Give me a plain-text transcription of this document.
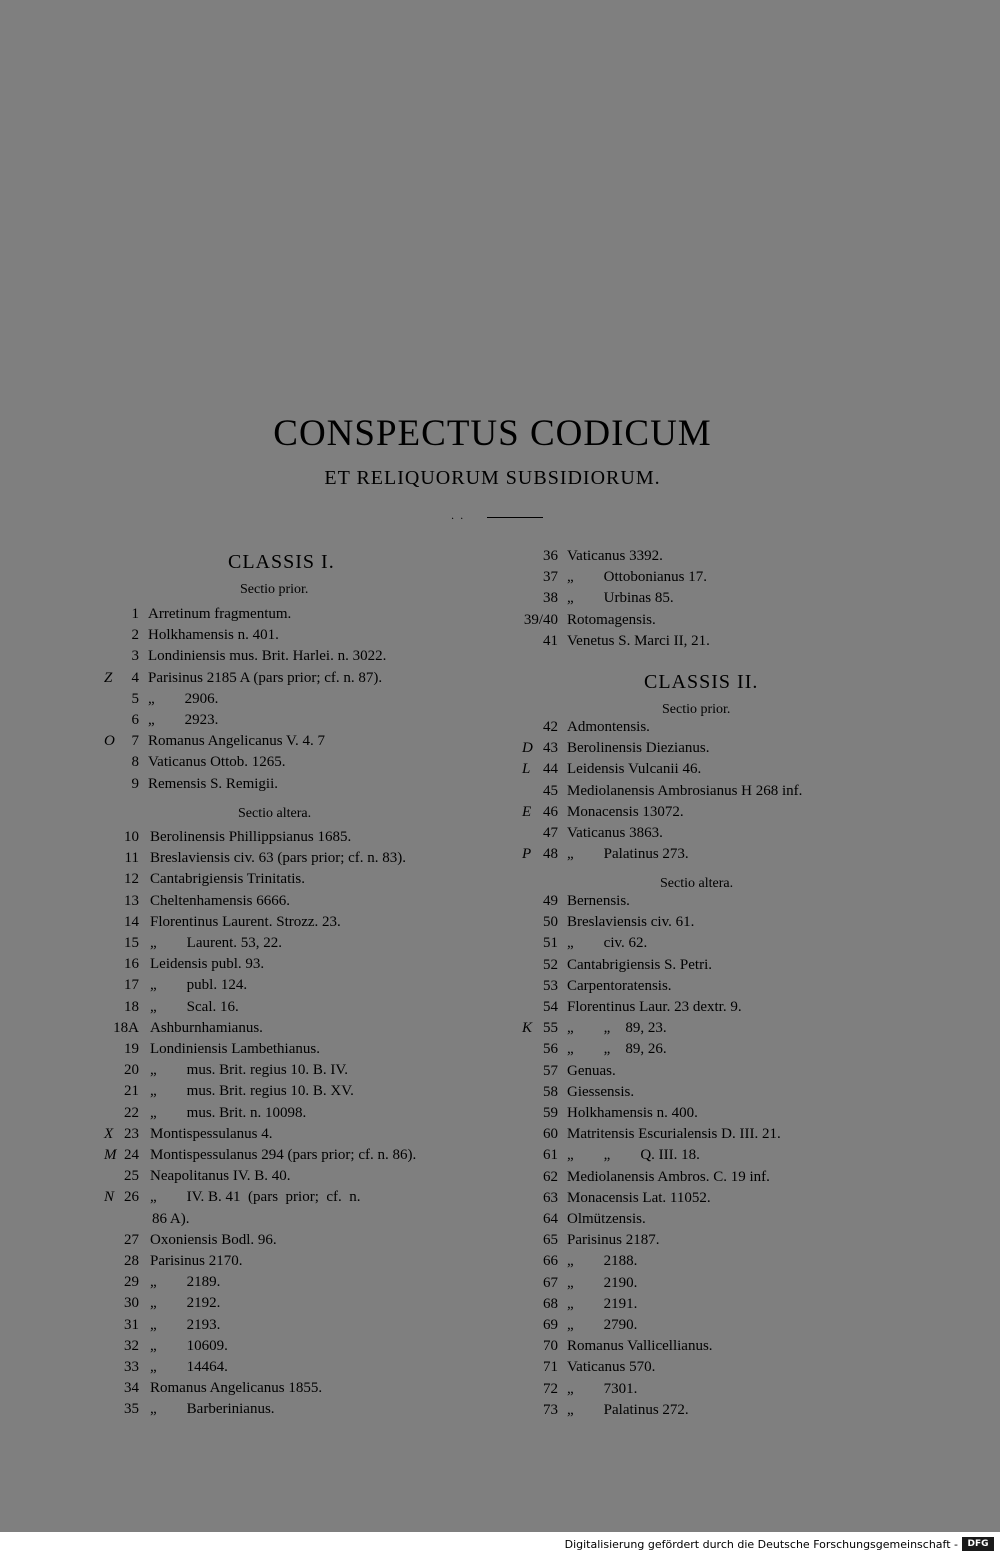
CONSPECTUS CODICUM
ET RELIQUORUM SUBSIDIORUM.
..
CLASSIS I.
Sectio prior.
1 Arretinum fragmentum.
2 Holkhamensis n. 401.
3 Londiniensis mus. Brit. Harlei. n. 3022.
Z	4 Parisinus 2185 A (pars prior; cf. n. 87).
5 „        2906.
6 „        2923.
O	7 Romanus Angelicanus V. 4. 7
8 Vaticanus Ottob. 1265.
9 Remensis S. Remigii.
Sectio altera.
10 Berolinensis Phillippsianus 1685.
11 Breslaviensis civ. 63 (pars prior; cf. n. 83).
12 Cantabrigiensis Trinitatis.
13 Cheltenhamensis 6666.
14 Florentinus Laurent. Strozz. 23.
15 „        Laurent. 53, 22.
16 Leidensis publ. 93.
17 „        publ. 124.
18 „        Scal. 16.
18A Ashburnhamianus.
19 Londiniensis Lambethianus.
20 „        mus. Brit. regius 10. B. IV.
21 „        mus. Brit. regius 10. B. XV.
22 „        mus. Brit. n. 10098.
X 23 Montispessulanus 4.
M 24 Montispessulanus 294 (pars prior; cf. n. 86).
25 Neapolitanus IV. B. 40.
N 26 „        IV. B. 41  (pars  prior;  cf.  n.
86 A).
27 Oxoniensis Bodl. 96.
28 Parisinus 2170.
29 „        2189.
30 „        2192.
31 „        2193.
32 „        10609.
33 „        14464.
34 Romanus Angelicanus 1855.
35 „        Barberinianus.
36 Vaticanus 3392.
37 „        Ottobonianus 17.
38 „        Urbinas 85.
39/40 Rotomagensis.
41 Venetus S. Marci II, 21.
CLASSIS II.
Sectio prior.
42 Admontensis.
D 43 Berolinensis Diezianus.
L 44 Leidensis Vulcanii 46.
45 Mediolanensis Ambrosianus H 268 inf.
E 46 Monacensis 13072.
47 Vaticanus 3863.
P 48 „        Palatinus 273.
Sectio altera.
49 Bernensis.
50 Breslaviensis civ. 61.
51 „        civ. 62.
52 Cantabrigiensis S. Petri.
53 Carpentoratensis.
54 Florentinus Laur. 23 dextr. 9.
K 55 „        „    89, 23.
56 „        „    89, 26.
57 Genuas.
58 Giessensis.
59 Holkhamensis n. 400.
60 Matritensis Escurialensis D. III. 21.
61 „        „        Q. III. 18.
62 Mediolanensis Ambros. C. 19 inf.
63 Monacensis Lat. 11052.
64 Olmützensis.
65 Parisinus 2187.
66 „        2188.
67 „        2190.
68 „        2191.
69 „        2790.
70 Romanus Vallicellianus.
71 Vaticanus 570.
72 „        7301.
73 „        Palatinus 272.
Digitalisierung gefördert durch die Deutsche Forschungsgemeinschaft -	DFG
